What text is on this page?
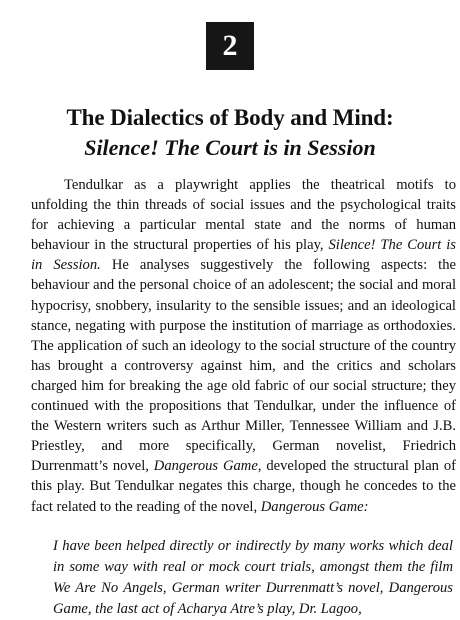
2
The Dialectics of Body and Mind:
Silence! The Court is in Session

Tendulkar as a playwright applies the theatrical motifs to unfolding the thin threads of social issues and the psychological traits for achieving a particular mental state and the norms of human behaviour in the structural properties of his play, Silence! The Court is in Session. He analyses suggestively the following aspects: the behaviour and the personal choice of an adolescent; the social and moral hypocrisy, snobbery, insularity to the sensible issues; and an ideological stance, negating with purpose the institution of marriage as orthodoxies. The application of such an ideology to the social structure of the country has brought a controversy against him, and the critics and scholars charged him for breaking the age old fabric of our social structure; they continued with the propositions that Tendulkar, under the influence of the Western writers such as Arthur Miller, Tennessee William and J.B. Priestley, and more specifically, German novelist, Friedrich Durrenmatt’s novel, Dangerous Game, developed the structural plan of this play. But Tendulkar negates this charge, though he concedes to the fact related to the reading of the novel, Dangerous Game:

I have been helped directly or indirectly by many works which deal in some way with real or mock court trials, amongst them the film We Are No Angels, German writer Durrenmatt’s novel, Dangerous Game, the last act of Acharya Atre’s play, Dr. Lagoo,
